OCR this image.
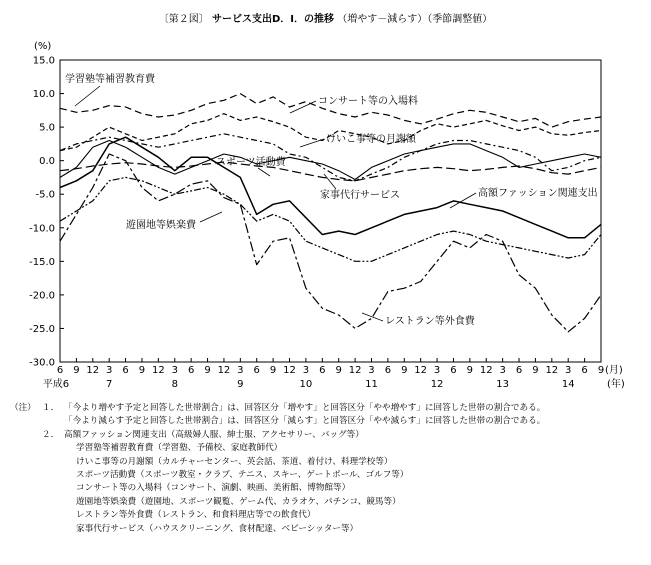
〔第２図〕 サービス支出D．I．の推移 （増やす－減らす）（季節調整値）
15.0
10.0
5.0
0.0
-5.0
-10.0
-15.0
-20.0
-25.0
-30.0
(%)
6 9 12 3 6 9 12 3 6 9 12 3 6 9 12 3 6 9 12 3 6 9 12 3 6 9 12 3 6 9 12 3 6 9 (月)
平成6	7	8	9	10	11	12	13	14	(年)
学習塾等補習教育費
コンサート等の入場料
けいこ事等の月謝額
スポーツ活動費
家事代行サービス	高額ファッション関連支出
遊園地等娯楽費
レストラン等外食費
（注） １． 「今より増やす予定と回答した世帯割合」は、回答区分「増やす」と回答区分「やや増やす」に回答した世帯の割合である。
「今より減らす予定と回答した世帯割合」は、回答区分「減らす」と回答区分「やや減らす」に回答した世帯の割合である。
２． 高額ファッション関連支出（高級婦人服、紳士服、アクセサリー、バッグ等）
学習塾等補習教育費（学習塾、予備校、家庭教師代）
けいこ事等の月謝額（カルチャーセンター、英会話、茶道、着付け、料理学校等）
スポーツ活動費（スポーツ教室・クラブ、テニス、スキー、ゲートボール、ゴルフ等）
コンサート等の入場料（コンサート、演劇、映画、美術館、博物館等）
遊園地等娯楽費（遊園地、スポーツ観覧、ゲーム代、カラオケ、パチンコ、競馬等）
レストラン等外食費（レストラン、和食料理店等での飲食代）
家事代行サービス（ハウスクリーニング、食材配達、ベビーシッター等）
